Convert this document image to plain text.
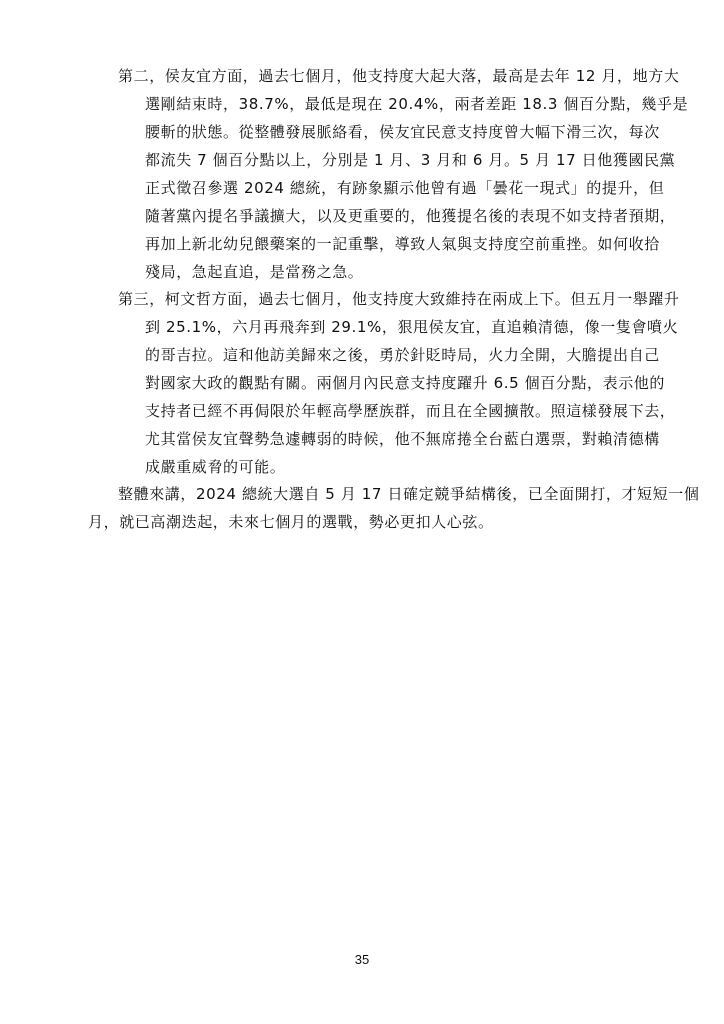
第二，侯友宜方面，過去七個月，他支持度大起大落，最高是去年 12 月，地方大
選剛結束時，38.7%，最低是現在 20.4%，兩者差距 18.3 個百分點，幾乎是
腰斬的狀態。從整體發展脈絡看，侯友宜民意支持度曾大幅下滑三次，每次
都流失 7 個百分點以上，分別是 1 月、3 月和 6 月。5 月 17 日他獲國民黨
正式徵召參選 2024 總統，有跡象顯示他曾有過「曇花一現式」的提升，但
隨著黨內提名爭議擴大，以及更重要的，他獲提名後的表現不如支持者預期，
再加上新北幼兒餵藥案的一記重擊，導致人氣與支持度空前重挫。如何收拾
殘局，急起直追，是當務之急。
第三，柯文哲方面，過去七個月，他支持度大致維持在兩成上下。但五月一舉躍升
到 25.1%，六月再飛奔到 29.1%，狠甩侯友宜，直追賴清德，像一隻會噴火
的哥吉拉。這和他訪美歸來之後，勇於針貶時局，火力全開，大膽提出自己
對國家大政的觀點有關。兩個月內民意支持度躍升 6.5 個百分點，表示他的
支持者已經不再侷限於年輕高學歷族群，而且在全國擴散。照這樣發展下去，
尤其當侯友宜聲勢急遽轉弱的時候，他不無席捲全台藍白選票，對賴清德構
成嚴重威脅的可能。
整體來講，2024 總統大選自 5 月 17 日確定競爭結構後，已全面開打，才短短一個
月，就已高潮迭起，未來七個月的選戰，勢必更扣人心弦。
35
